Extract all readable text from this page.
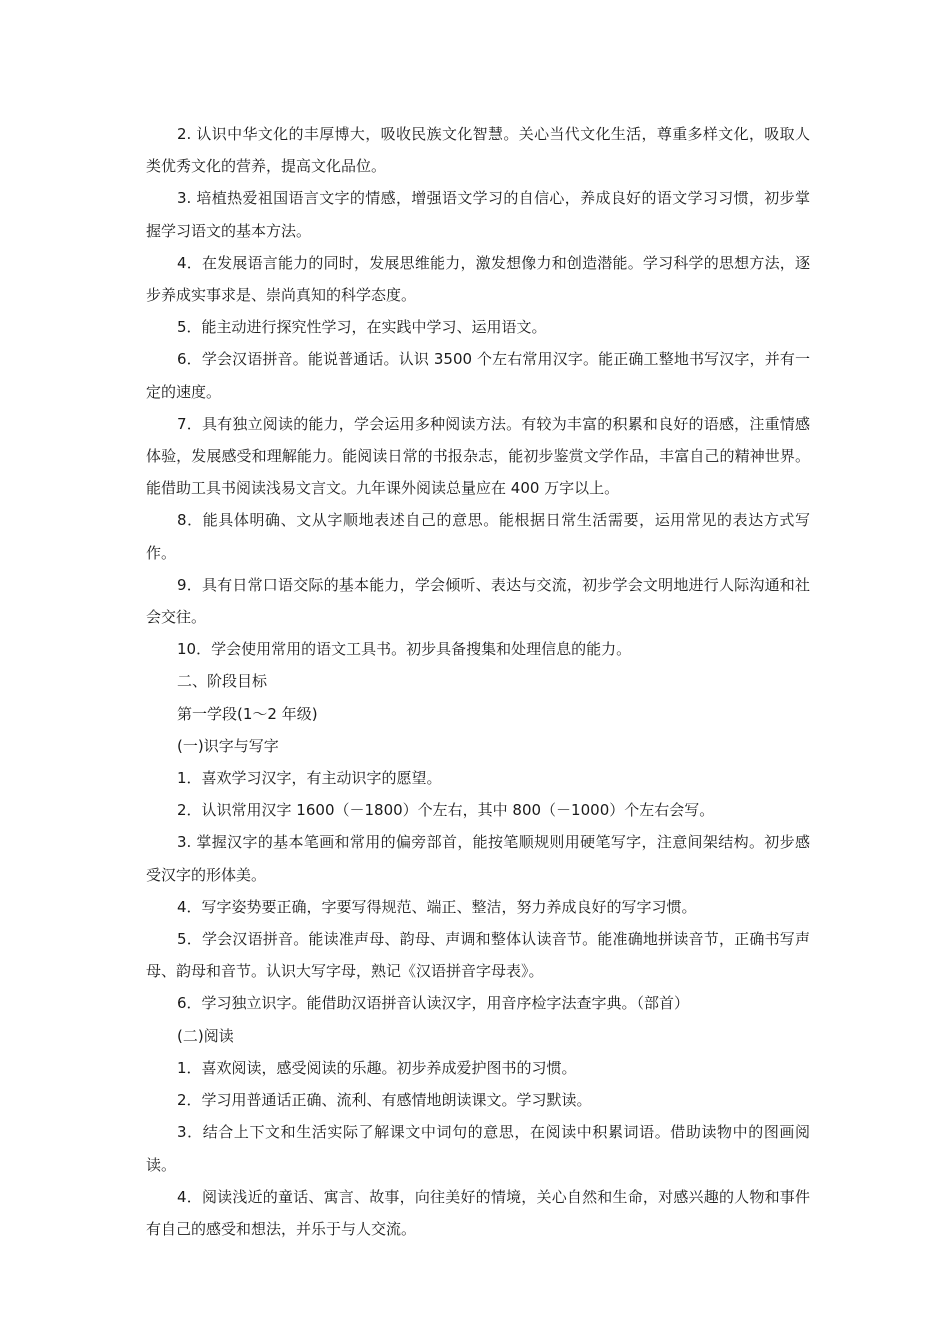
2. 认识中华文化的丰厚博大，吸收民族文化智慧。关心当代文化生活，尊重多样文化，吸取人类优秀文化的营养，提高文化品位。

3. 培植热爱祖国语言文字的情感，增强语文学习的自信心，养成良好的语文学习习惯，初步掌握学习语文的基本方法。

4．在发展语言能力的同时，发展思维能力，激发想像力和创造潜能。学习科学的思想方法，逐步养成实事求是、崇尚真知的科学态度。

5．能主动进行探究性学习，在实践中学习、运用语文。

6．学会汉语拼音。能说普通话。认识 3500 个左右常用汉字。能正确工整地书写汉字，并有一定的速度。

7．具有独立阅读的能力，学会运用多种阅读方法。有较为丰富的积累和良好的语感，注重情感体验，发展感受和理解能力。能阅读日常的书报杂志，能初步鉴赏文学作品，丰富自己的精神世界。能借助工具书阅读浅易文言文。九年课外阅读总量应在 400 万字以上。

8．能具体明确、文从字顺地表述自己的意思。能根据日常生活需要，运用常见的表达方式写作。

9．具有日常口语交际的基本能力，学会倾听、表达与交流，初步学会文明地进行人际沟通和社会交往。

10．学会使用常用的语文工具书。初步具备搜集和处理信息的能力。

二、阶段目标

第一学段(1～2 年级)

(一)识字与写字

1．喜欢学习汉字，有主动识字的愿望。

2．认识常用汉字 1600（－1800）个左右，其中 800（－1000）个左右会写。

3. 掌握汉字的基本笔画和常用的偏旁部首，能按笔顺规则用硬笔写字，注意间架结构。初步感受汉字的形体美。

4．写字姿势要正确，字要写得规范、端正、整洁，努力养成良好的写字习惯。

5．学会汉语拼音。能读准声母、韵母、声调和整体认读音节。能准确地拼读音节，正确书写声母、韵母和音节。认识大写字母，熟记《汉语拼音字母表》。

6．学习独立识字。能借助汉语拼音认读汉字，用音序检字法查字典。（部首）

(二)阅读

1．喜欢阅读，感受阅读的乐趣。初步养成爱护图书的习惯。

2．学习用普通话正确、流利、有感情地朗读课文。学习默读。

3．结合上下文和生活实际了解课文中词句的意思，在阅读中积累词语。借助读物中的图画阅读。

4．阅读浅近的童话、寓言、故事，向往美好的情境，关心自然和生命，对感兴趣的人物和事件有自己的感受和想法，并乐于与人交流。
